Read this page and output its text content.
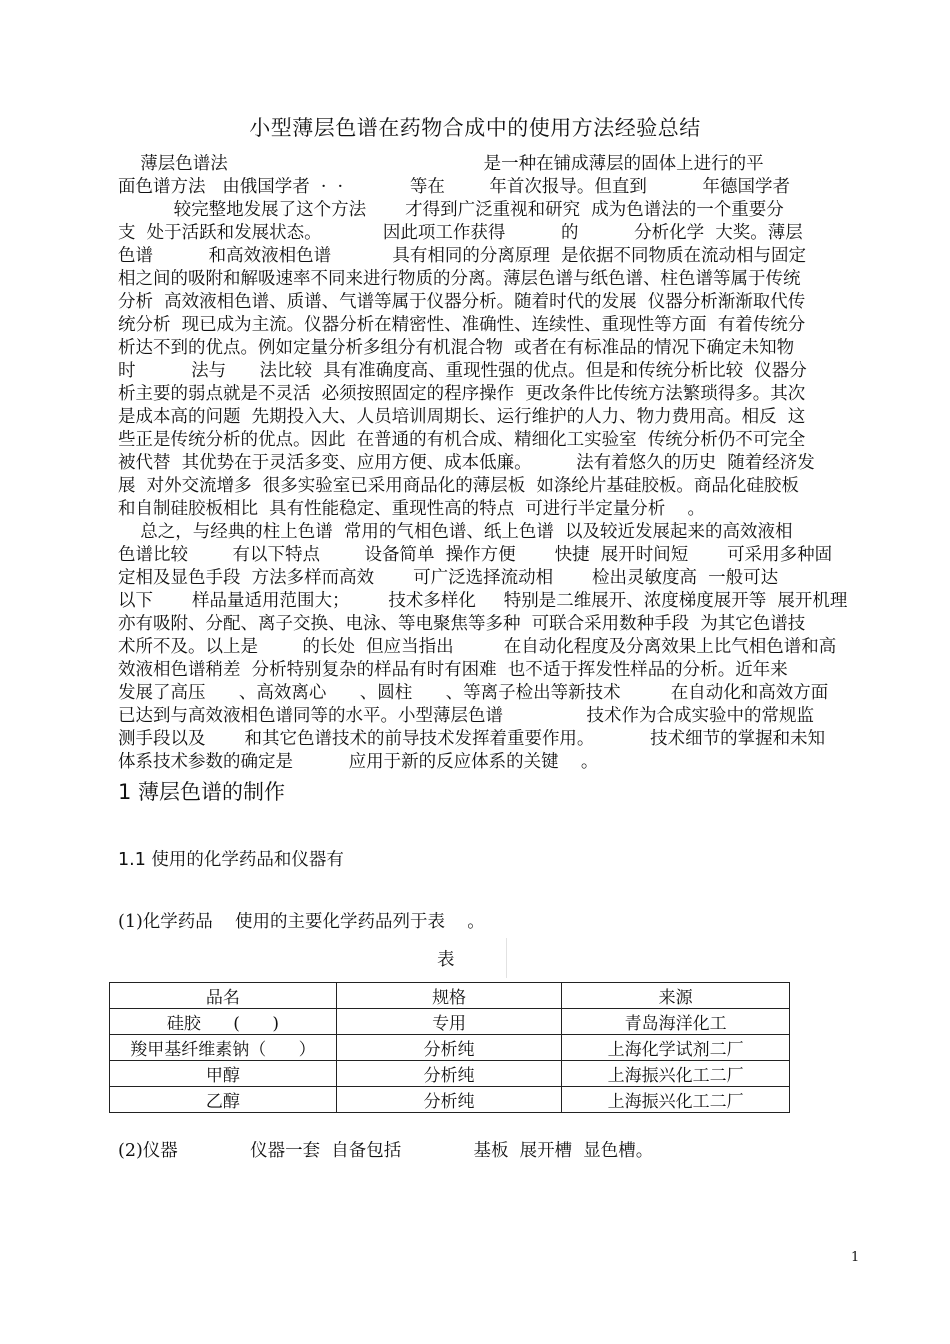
小型薄层色谱在药物合成中的使用方法经验总结
薄层色谱法                                              是一种在铺成薄层的固体上进行的平
面色谱方法   由俄国学者  ·  ·            等在        年首次报导。但直到          年德国学者
较完整地发展了这个方法       才得到广泛重视和研究  成为色谱法的一个重要分
支  处于活跃和发展状态。           因此项工作获得          的          分析化学  大奖。薄层
色谱          和高效液相色谱           具有相同的分离原理  是依据不同物质在流动相与固定
相之间的吸附和解吸速率不同来进行物质的分离。薄层色谱与纸色谱、柱色谱等属于传统
分析  高效液相色谱、质谱、气谱等属于仪器分析。随着时代的发展  仪器分析渐渐取代传
统分析  现已成为主流。仪器分析在精密性、准确性、连续性、重现性等方面  有着传统分
析达不到的优点。例如定量分析多组分有机混合物  或者在有标准品的情况下确定未知物
时          法与      法比较  具有准确度高、重现性强的优点。但是和传统分析比较  仪器分
析主要的弱点就是不灵活  必须按照固定的程序操作  更改条件比传统方法繁琐得多。其次
是成本高的问题  先期投入大、人员培训周期长、运行维护的人力、物力费用高。相反  这
些正是传统分析的优点。因此  在普通的有机合成、精细化工实验室  传统分析仍不可完全
被代替  其优势在于灵活多变、应用方便、成本低廉。        法有着悠久的历史  随着经济发
展  对外交流增多  很多实验室已采用商品化的薄层板  如涤纶片基硅胶板。商品化硅胶板
和自制硅胶板相比  具有性能稳定、重现性高的特点  可进行半定量分析    。
总之，与经典的柱上色谱  常用的气相色谱、纸上色谱  以及较近发展起来的高效液相
色谱比较        有以下特点        设备简单  操作方便       快捷  展开时间短       可采用多种固
定相及显色手段  方法多样而高效       可广泛选择流动相       检出灵敏度高  一般可达
以下       样品量适用范围大；       技术多样化     特别是二维展开、浓度梯度展开等  展开机理
亦有吸附、分配、离子交换、电泳、等电聚焦等多种  可联合采用数种手段  为其它色谱技
术所不及。以上是        的长处  但应当指出         在自动化程度及分离效果上比气相色谱和高
效液相色谱稍差  分析特别复杂的样品有时有困难  也不适于挥发性样品的分析。近年来
发展了高压      、高效离心      、圆柱      、等离子检出等新技术         在自动化和高效方面
已达到与高效液相色谱同等的水平。小型薄层色谱               技术作为合成实验中的常规监
测手段以及       和其它色谱技术的前导技术发挥着重要作用。          技术细节的掌握和未知
体系技术参数的确定是          应用于新的反应体系的关键    。
1 薄层色谱的制作
1.1 使用的化学药品和仪器有
(1)化学药品    使用的主要化学药品列于表    。
表
品名	规格	来源
硅胶      (      )	专用	青岛海洋化工
羧甲基纤维素钠（      ）	分析纯	上海化学试剂二厂
甲醇	分析纯	上海振兴化工二厂
乙醇	分析纯	上海振兴化工二厂
(2)仪器             仪器一套  自备包括             基板  展开槽  显色槽。
1
